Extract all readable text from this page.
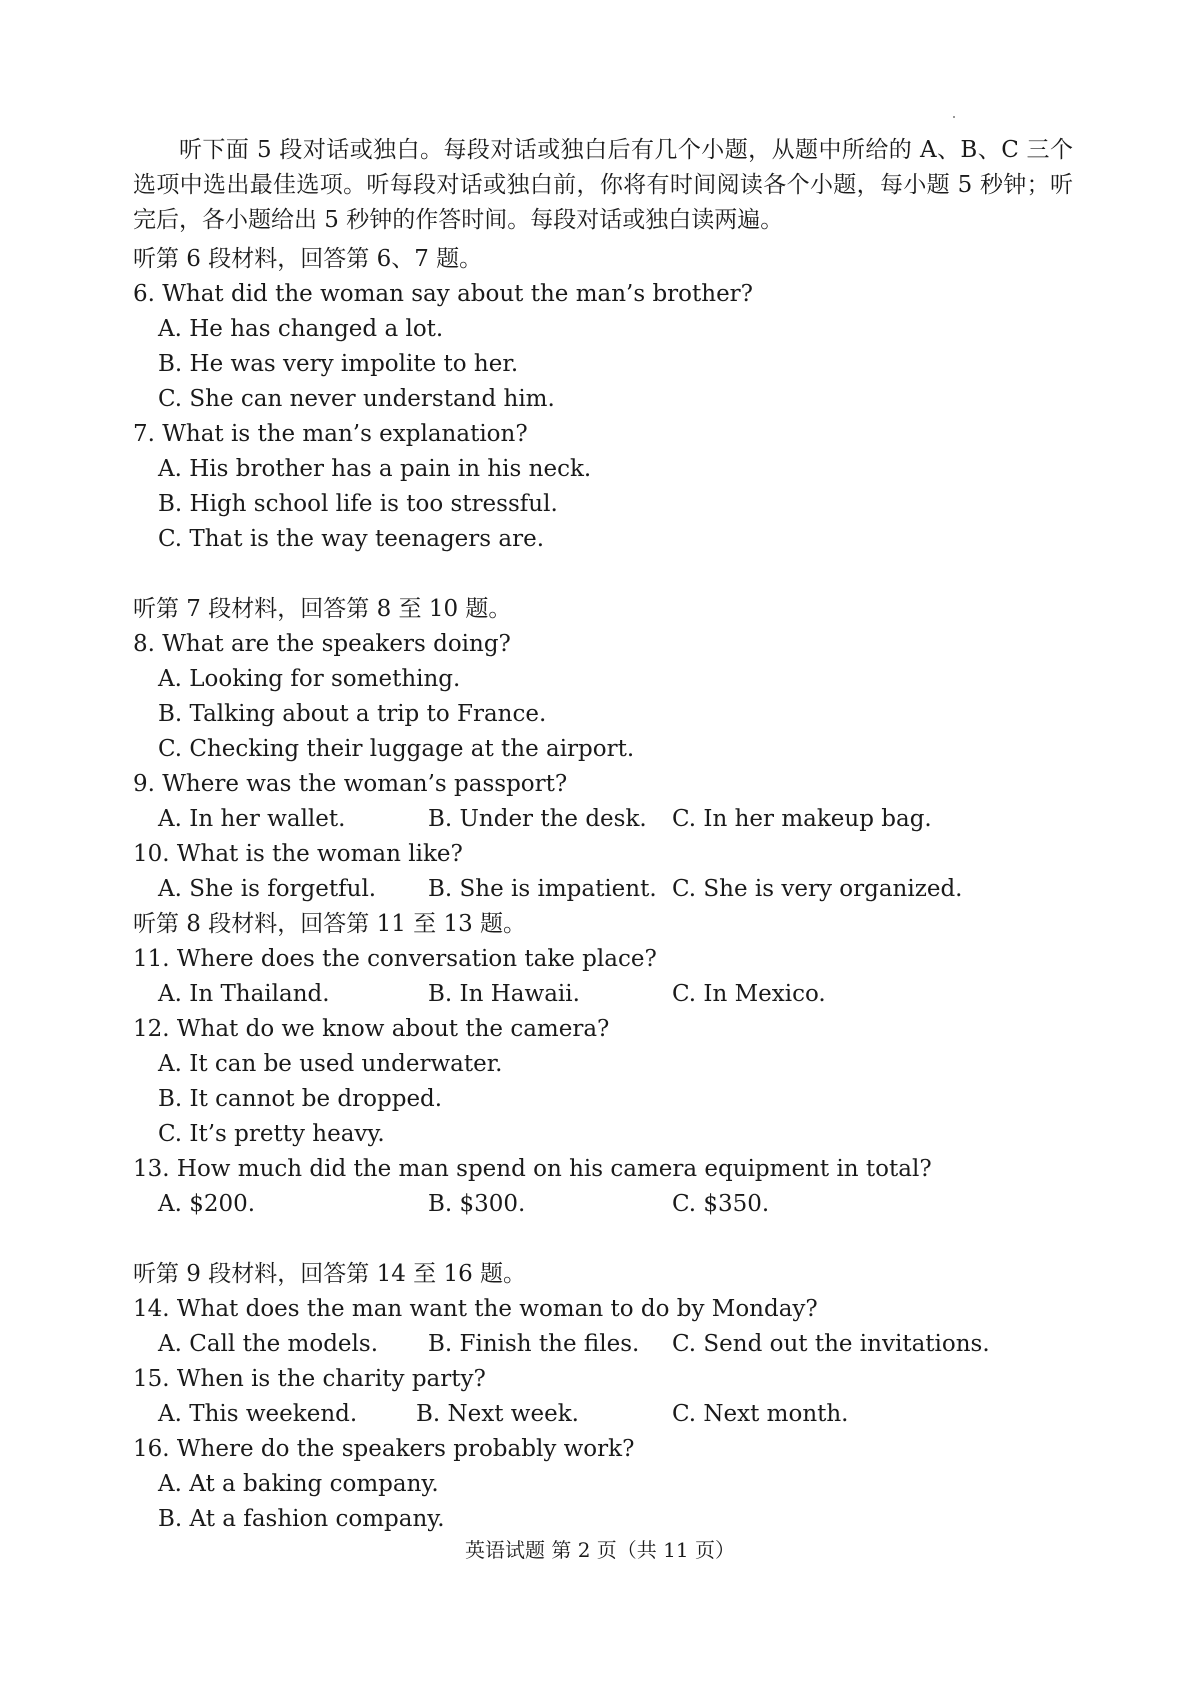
听下面 5 段对话或独白。每段对话或独白后有几个小题，从题中所给的 A、B、C 三个选项中选出最佳选项。听每段对话或独白前，你将有时间阅读各个小题，每小题 5 秒钟；听完后，各小题给出 5 秒钟的作答时间。每段对话或独白读两遍。
听第 6 段材料，回答第 6、7 题。
6. What did the woman say about the man’s brother?
A. He has changed a lot.
B. He was very impolite to her.
C. She can never understand him.
7. What is the man’s explanation?
A. His brother has a pain in his neck.
B. High school life is too stressful.
C. That is the way teenagers are.
听第 7 段材料，回答第 8 至 10 题。
8. What are the speakers doing?
A. Looking for something.
B. Talking about a trip to France.
C. Checking their luggage at the airport.
9. Where was the woman’s passport?
A. In her wallet.	B. Under the desk. C. In her makeup bag.
10. What is the woman like?
A. She is forgetful. B. She is impatient. C. She is very organized.
听第 8 段材料，回答第 11 至 13 题。
11. Where does the conversation take place?
A. In Thailand.	B. In Hawaii.	C. In Mexico.
12. What do we know about the camera?
A. It can be used underwater.
B. It cannot be dropped.
C. It’s pretty heavy.
13. How much did the man spend on his camera equipment in total?
A. $200.	B. $300.	C. $350.
听第 9 段材料，回答第 14 至 16 题。
14. What does the man want the woman to do by Monday?
A. Call the models. B. Finish the files. C. Send out the invitations.
15. When is the charity party?
A. This weekend.	B. Next week.	C. Next month.
16. Where do the speakers probably work?
A. At a baking company.
B. At a fashion company.
英语试题 第 2 页（共 11 页）
